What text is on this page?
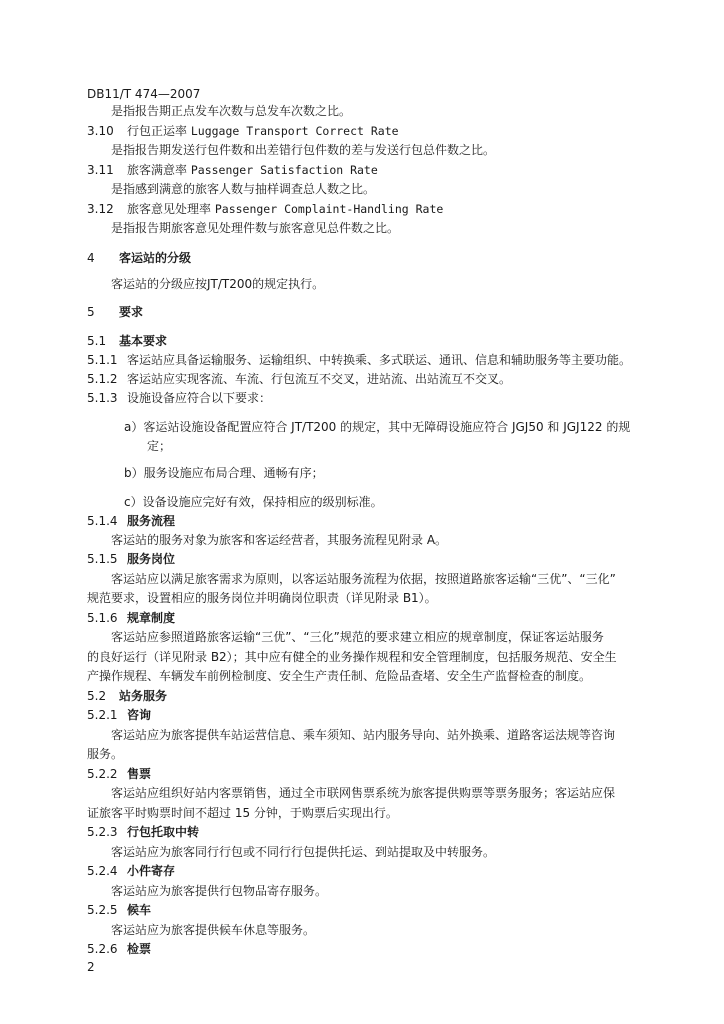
DB11/T 474—2007
是指报告期正点发车次数与总发车次数之比。
3.10 行包正运率 Luggage Transport Correct Rate
是指报告期发送行包件数和出差错行包件数的差与发送行包总件数之比。
3.11 旅客满意率 Passenger Satisfaction Rate
是指感到满意的旅客人数与抽样调查总人数之比。
3.12 旅客意见处理率 Passenger Complaint-Handling Rate
是指报告期旅客意见处理件数与旅客意见总件数之比。
4 客运站的分级
客运站的分级应按JT/T200的规定执行。
5 要求
5.1 基本要求
5.1.1 客运站应具备运输服务、运输组织、中转换乘、多式联运、通讯、信息和辅助服务等主要功能。
5.1.2 客运站应实现客流、车流、行包流互不交叉，进站流、出站流互不交叉。
5.1.3 设施设备应符合以下要求：
a）客运站设施设备配置应符合 JT/T200 的规定，其中无障碍设施应符合 JGJ50 和 JGJ122 的规
定；
b）服务设施应布局合理、通畅有序；
c）设备设施应完好有效，保持相应的级别标准。
5.1.4 服务流程
客运站的服务对象为旅客和客运经营者，其服务流程见附录 A。
5.1.5 服务岗位
客运站应以满足旅客需求为原则，以客运站服务流程为依据，按照道路旅客运输“三优”、“三化”
规范要求，设置相应的服务岗位并明确岗位职责（详见附录 B1）。
5.1.6 规章制度
客运站应参照道路旅客运输“三优”、“三化”规范的要求建立相应的规章制度，保证客运站服务
的良好运行（详见附录 B2）；其中应有健全的业务操作规程和安全管理制度，包括服务规范、安全生
产操作规程、车辆发车前例检制度、安全生产责任制、危险品查堵、安全生产监督检查的制度。
5.2 站务服务
5.2.1 咨询
客运站应为旅客提供车站运营信息、乘车须知、站内服务导向、站外换乘、道路客运法规等咨询
服务。
5.2.2 售票
客运站应组织好站内客票销售，通过全市联网售票系统为旅客提供购票等票务服务；客运站应保
证旅客平时购票时间不超过 15 分钟，于购票后实现出行。
5.2.3 行包托取中转
客运站应为旅客同行行包或不同行行包提供托运、到站提取及中转服务。
5.2.4 小件寄存
客运站应为旅客提供行包物品寄存服务。
5.2.5 候车
客运站应为旅客提供候车休息等服务。
5.2.6 检票
2
